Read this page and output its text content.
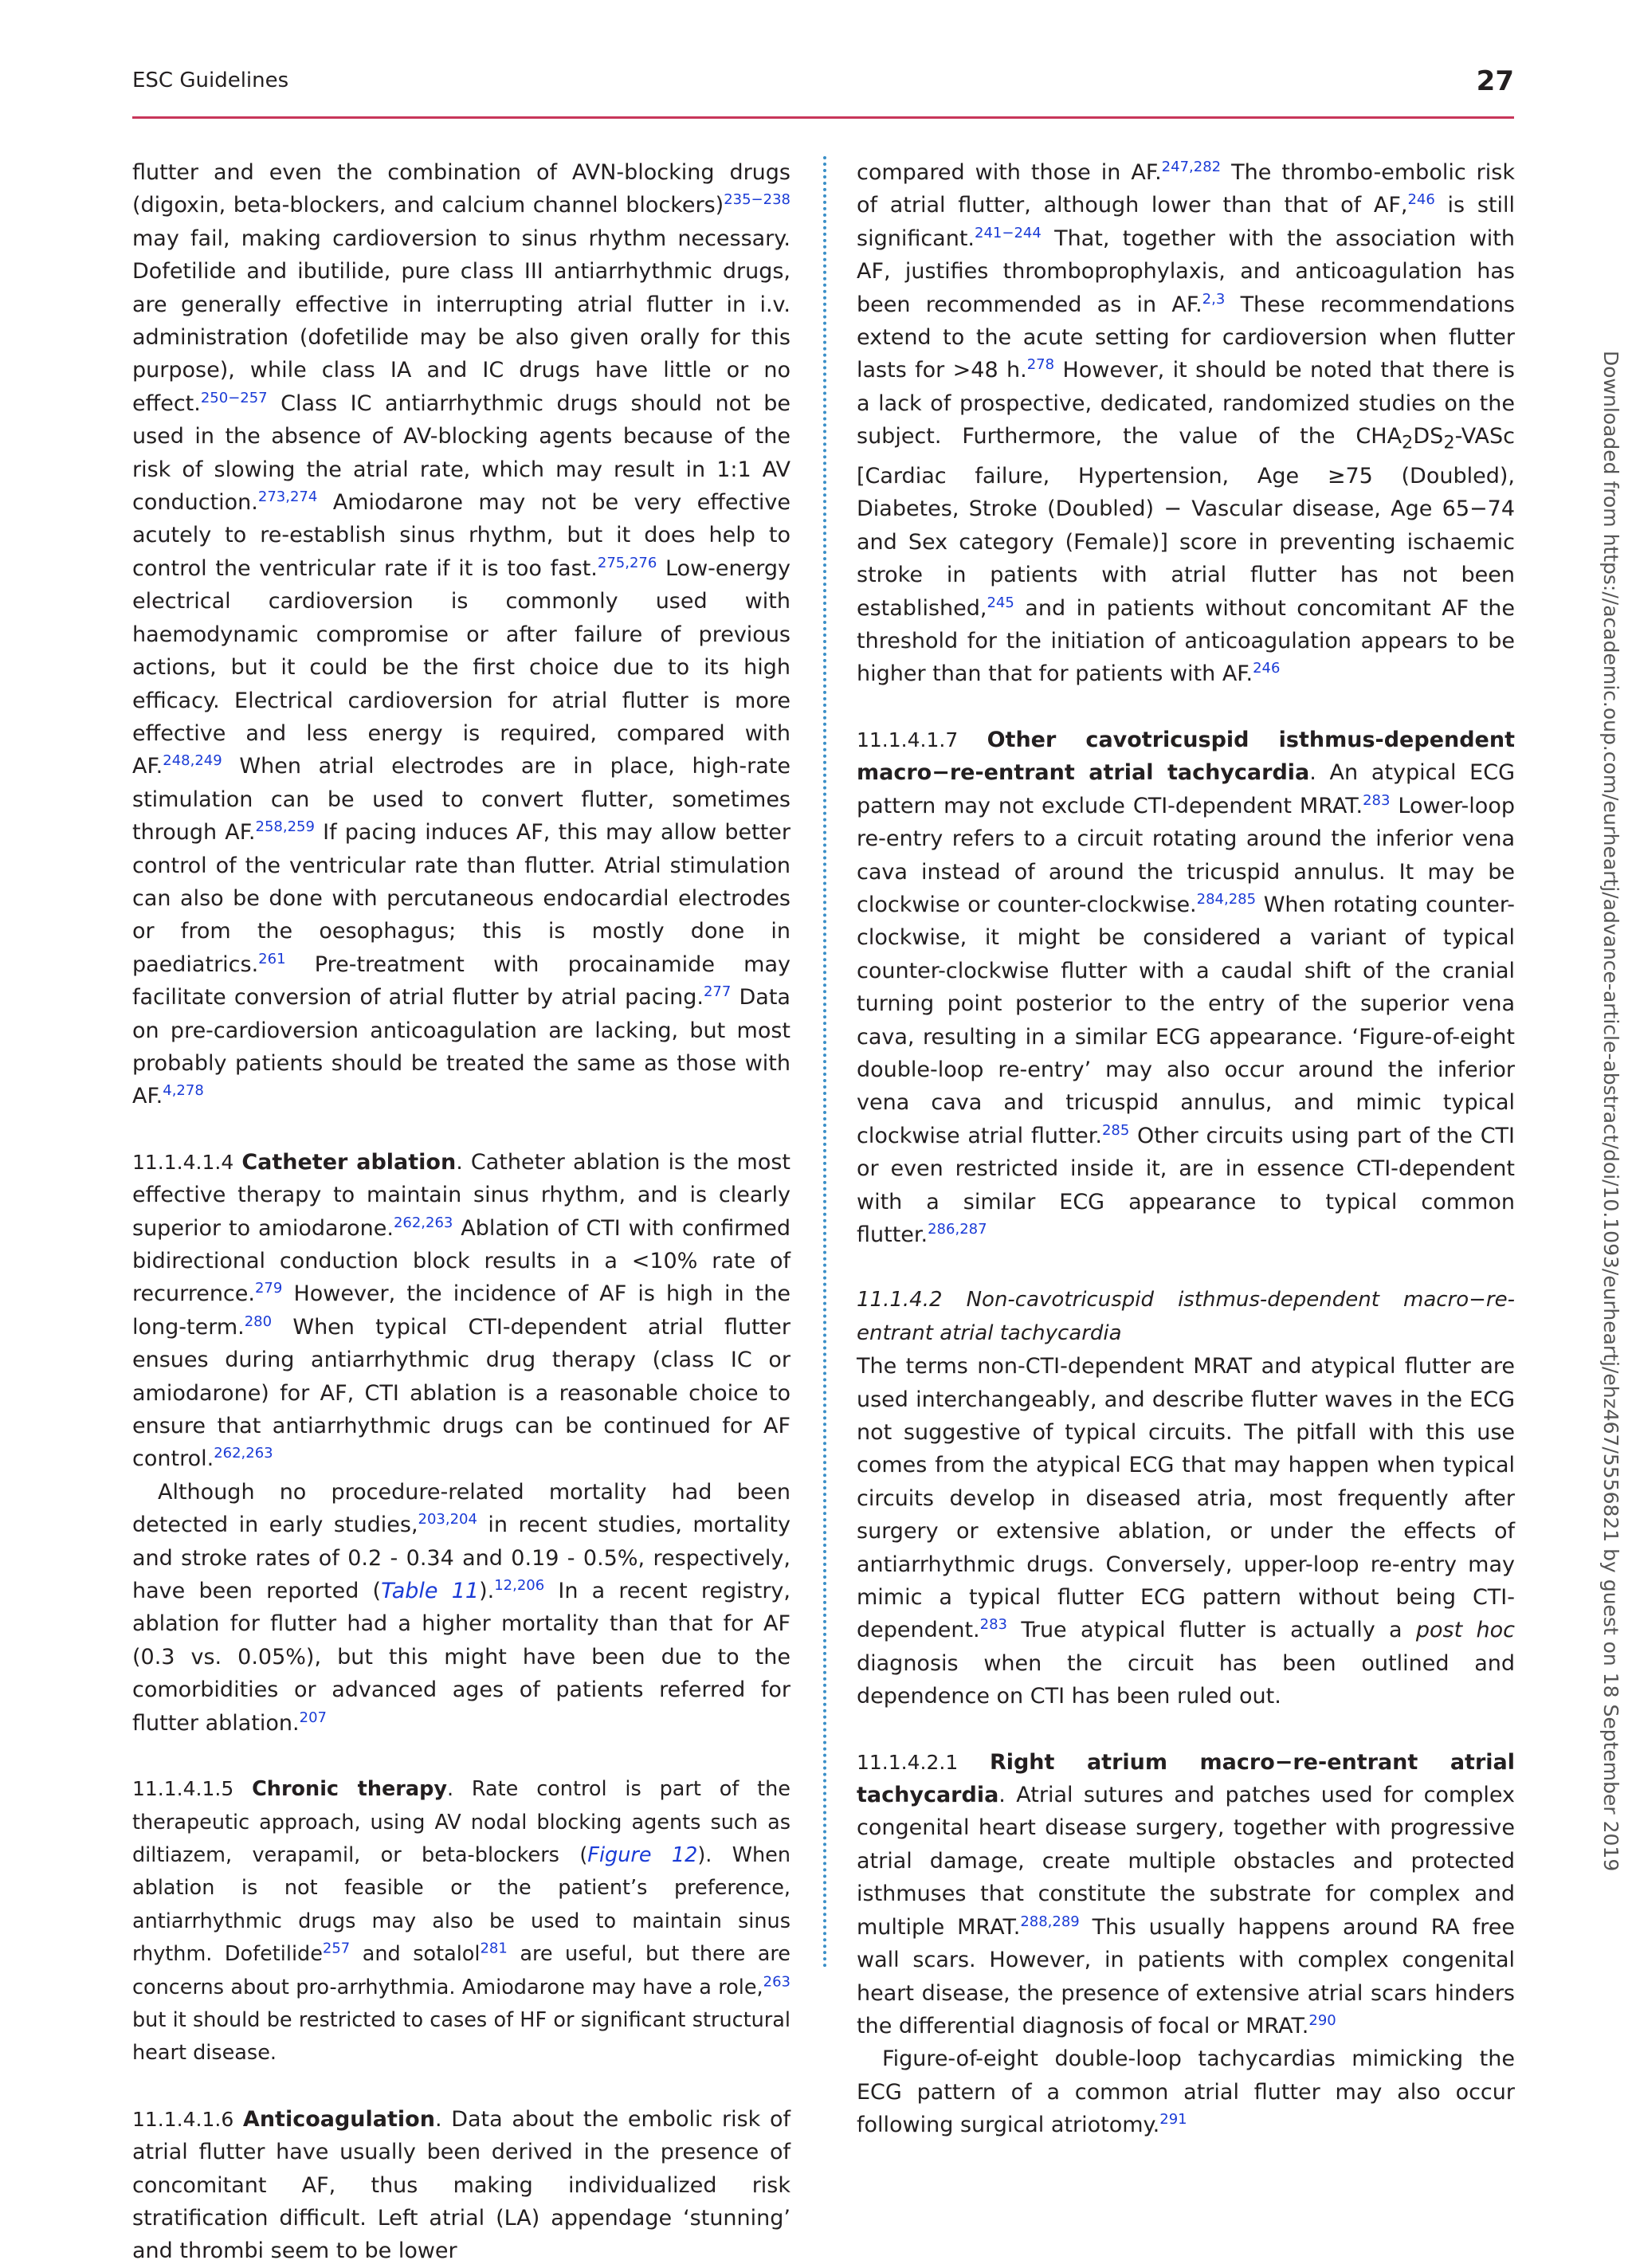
ESC Guidelines	27

flutter and even the combination of AVN-blocking drugs (digoxin, beta-blockers, and calcium channel blockers)$^{235-238}$ may fail, making cardioversion to sinus rhythm necessary. Dofetilide and ibutilide, pure class III antiarrhythmic drugs, are generally effective in interrupting atrial flutter in i.v. administration (dofetilide may be also given orally for this purpose), while class IA and IC drugs have little or no effect.$^{250-257}$ Class IC antiarrhythmic drugs should not be used in the absence of AV-blocking agents because of the risk of slowing the atrial rate, which may result in 1:1 AV conduction.$^{273,274}$ Amiodarone may not be very effective acutely to re-establish sinus rhythm, but it does help to control the ventricular rate if it is too fast.$^{275,276}$ Low-energy electrical cardioversion is commonly used with haemodynamic compromise or after failure of previous actions, but it could be the first choice due to its high efficacy. Electrical cardioversion for atrial flutter is more effective and less energy is required, compared with AF.$^{248,249}$ When atrial electrodes are in place, high-rate stimulation can be used to convert flutter, sometimes through AF.$^{258,259}$ If pacing induces AF, this may allow better control of the ventricular rate than flutter. Atrial stimulation can also be done with percutaneous endocardial electrodes or from the oesophagus; this is mostly done in paediatrics.$^{261}$ Pre-treatment with procainamide may facilitate conversion of atrial flutter by atrial pacing.$^{277}$ Data on pre-cardioversion anticoagulation are lacking, but most probably patients should be treated the same as those with AF.$^{4,278}$

11.1.4.1.4 Catheter ablation. Catheter ablation is the most effective therapy to maintain sinus rhythm, and is clearly superior to amiodarone.$^{262,263}$ Ablation of CTI with confirmed bidirectional conduction block results in a <10% rate of recurrence.$^{279}$ However, the incidence of AF is high in the long-term.$^{280}$ When typical CTI-dependent atrial flutter ensues during antiarrhythmic drug therapy (class IC or amiodarone) for AF, CTI ablation is a reasonable choice to ensure that antiarrhythmic drugs can be continued for AF control.$^{262,263}$

Although no procedure-related mortality had been detected in early studies,$^{203,204}$ in recent studies, mortality and stroke rates of 0.2 - 0.34 and 0.19 - 0.5%, respectively, have been reported (Table 11).$^{12,206}$ In a recent registry, ablation for flutter had a higher mortality than that for AF (0.3 vs. 0.05%), but this might have been due to the comorbidities or advanced ages of patients referred for flutter ablation.$^{207}$

11.1.4.1.5 Chronic therapy. Rate control is part of the therapeutic approach, using AV nodal blocking agents such as diltiazem, verapamil, or beta-blockers (Figure 12). When ablation is not feasible or the patient’s preference, antiarrhythmic drugs may also be used to maintain sinus rhythm. Dofetilide$^{257}$ and sotalol$^{281}$ are useful, but there are concerns about pro-arrhythmia. Amiodarone may have a role,$^{263}$ but it should be restricted to cases of HF or significant structural heart disease.

11.1.4.1.6 Anticoagulation. Data about the embolic risk of atrial flutter have usually been derived in the presence of concomitant AF, thus making individualized risk stratification difficult. Left atrial (LA) appendage ‘stunning’ and thrombi seem to be lower

compared with those in AF.$^{247,282}$ The thrombo-embolic risk of atrial flutter, although lower than that of AF,$^{246}$ is still significant.$^{241-244}$ That, together with the association with AF, justifies thromboprophylaxis, and anticoagulation has been recommended as in AF.$^{2,3}$ These recommendations extend to the acute setting for cardioversion when flutter lasts for >48 h.$^{278}$ However, it should be noted that there is a lack of prospective, dedicated, randomized studies on the subject. Furthermore, the value of the $CHA_2DS_2$-VASc [Cardiac failure, Hypertension, Age ≥75 (Doubled), Diabetes, Stroke (Doubled) − Vascular disease, Age 65−74 and Sex category (Female)] score in preventing ischaemic stroke in patients with atrial flutter has not been established,$^{245}$ and in patients without concomitant AF the threshold for the initiation of anticoagulation appears to be higher than that for patients with AF.$^{246}$

11.1.4.1.7 Other cavotricuspid isthmus-dependent macro−re-entrant atrial tachycardia. An atypical ECG pattern may not exclude CTI-dependent MRAT.$^{283}$ Lower-loop re-entry refers to a circuit rotating around the inferior vena cava instead of around the tricuspid annulus. It may be clockwise or counter-clockwise.$^{284,285}$ When rotating counter-clockwise, it might be considered a variant of typical counter-clockwise flutter with a caudal shift of the cranial turning point posterior to the entry of the superior vena cava, resulting in a similar ECG appearance. ‘Figure-of-eight double-loop re-entry’ may also occur around the inferior vena cava and tricuspid annulus, and mimic typical clockwise atrial flutter.$^{285}$ Other circuits using part of the CTI or even restricted inside it, are in essence CTI-dependent with a similar ECG appearance to typical common flutter.$^{286,287}$

11.1.4.2 Non-cavotricuspid isthmus-dependent macro−re-entrant atrial tachycardia

The terms non-CTI-dependent MRAT and atypical flutter are used interchangeably, and describe flutter waves in the ECG not suggestive of typical circuits. The pitfall with this use comes from the atypical ECG that may happen when typical circuits develop in diseased atria, most frequently after surgery or extensive ablation, or under the effects of antiarrhythmic drugs. Conversely, upper-loop re-entry may mimic a typical flutter ECG pattern without being CTI-dependent.$^{283}$ True atypical flutter is actually a post hoc diagnosis when the circuit has been outlined and dependence on CTI has been ruled out.

11.1.4.2.1 Right atrium macro−re-entrant atrial tachycardia. Atrial sutures and patches used for complex congenital heart disease surgery, together with progressive atrial damage, create multiple obstacles and protected isthmuses that constitute the substrate for complex and multiple MRAT.$^{288,289}$ This usually happens around RA free wall scars. However, in patients with complex congenital heart disease, the presence of extensive atrial scars hinders the differential diagnosis of focal or MRAT.$^{290}$

Figure-of-eight double-loop tachycardias mimicking the ECG pattern of a common atrial flutter may also occur following surgical atriotomy.$^{291}$

Downloaded from https://academic.oup.com/eurheartj/advance-article-abstract/doi/10.1093/eurheartj/ehz467/5556821 by guest on 18 September 2019
